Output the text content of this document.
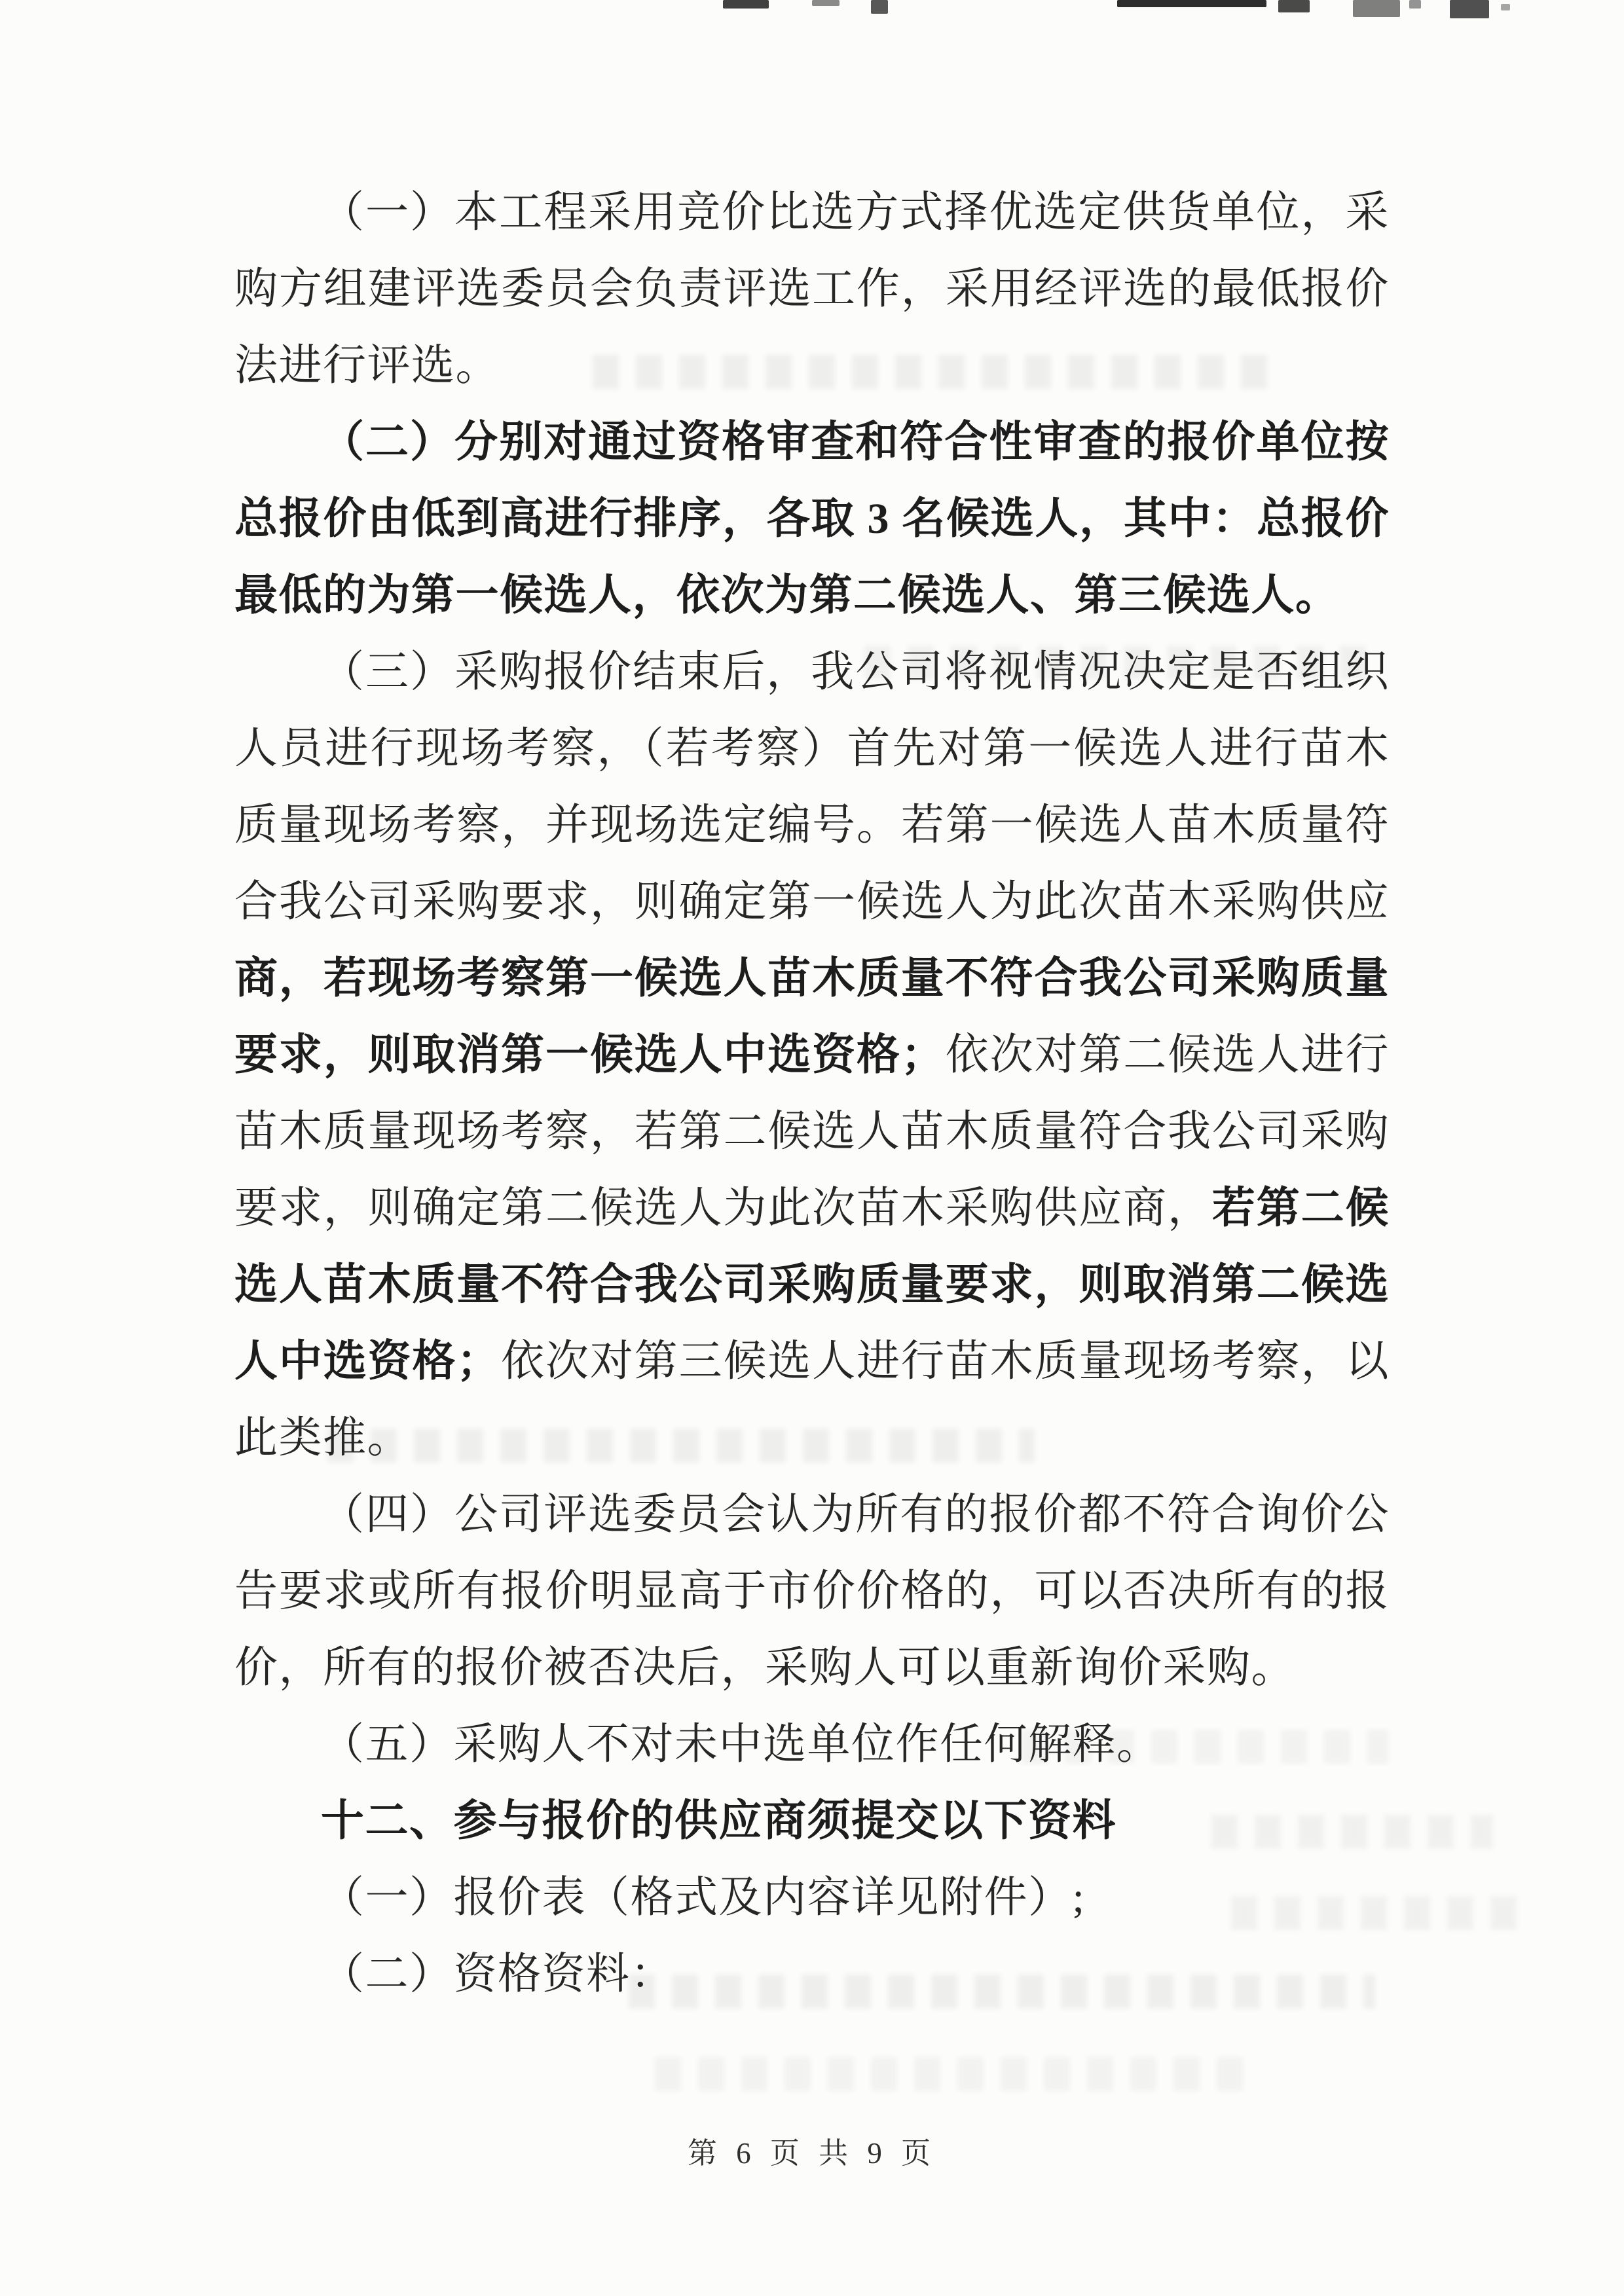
（一）本工程采用竞价比选方式择优选定供货单位，采购方组建评选委员会负责评选工作，采用经评选的最低报价法进行评选。

（二）分别对通过资格审查和符合性审查的报价单位按总报价由低到高进行排序，各取 3 名候选人，其中：总报价最低的为第一候选人，依次为第二候选人、第三候选人。

（三）采购报价结束后，我公司将视情况决定是否组织人员进行现场考察，（若考察）首先对第一候选人进行苗木质量现场考察，并现场选定编号。若第一候选人苗木质量符合我公司采购要求，则确定第一候选人为此次苗木采购供应商，若现场考察第一候选人苗木质量不符合我公司采购质量要求，则取消第一候选人中选资格；依次对第二候选人进行苗木质量现场考察，若第二候选人苗木质量符合我公司采购要求，则确定第二候选人为此次苗木采购供应商，若第二候选人苗木质量不符合我公司采购质量要求，则取消第二候选人中选资格；依次对第三候选人进行苗木质量现场考察，以此类推。

（四）公司评选委员会认为所有的报价都不符合询价公告要求或所有报价明显高于市价价格的，可以否决所有的报价，所有的报价被否决后，采购人可以重新询价采购。

（五）采购人不对未中选单位作任何解释。

十二、参与报价的供应商须提交以下资料

（一）报价表（格式及内容详见附件）;

（二）资格资料：

第 6 页 共 9 页
